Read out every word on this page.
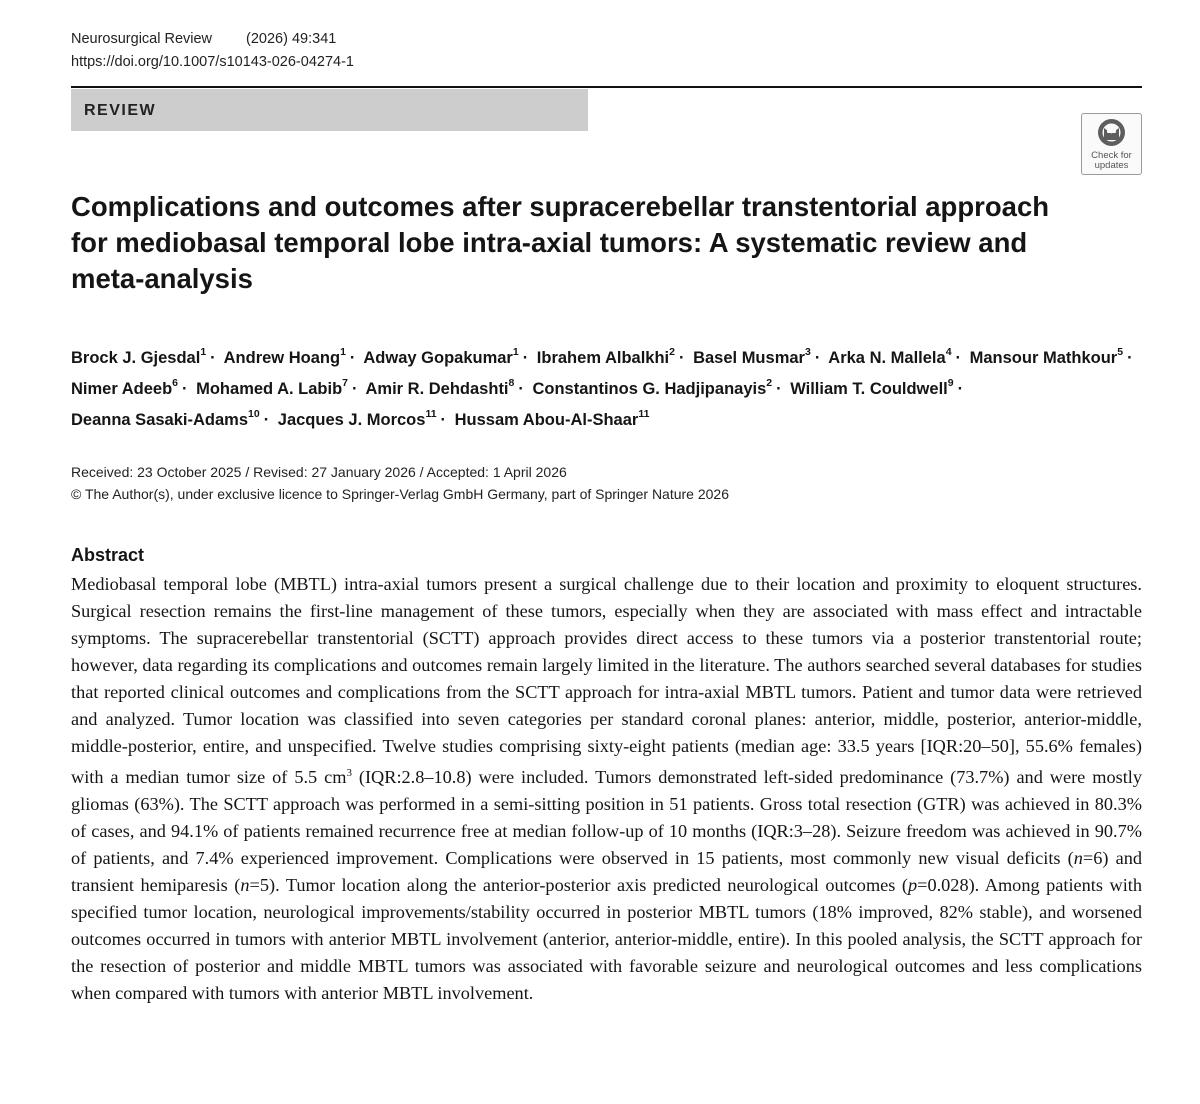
Neurosurgical Review (2026) 49:341
https://doi.org/10.1007/s10143-026-04274-1
REVIEW
Check for
updates
Complications and outcomes after supracerebellar transtentorial approach for mediobasal temporal lobe intra-axial tumors: A systematic review and meta-analysis
Brock J. Gjesdal$^1$ · Andrew Hoang$^1$ · Adway Gopakumar$^1$ · Ibrahem Albalkhi$^2$ · Basel Musmar$^3$ · Arka N. Mallela$^4$ · Mansour Mathkour$^5$ · Nimer Adeeb$^6$ · Mohamed A. Labib$^7$ · Amir R. Dehdashti$^8$ · Constantinos G. Hadjipanayis$^2$ · William T. Couldwell$^9$ · Deanna Sasaki-Adams$^{10}$ · Jacques J. Morcos$^{11}$ · Hussam Abou-Al-Shaar$^{11}$
Received: 23 October 2025 / Revised: 27 January 2026 / Accepted: 1 April 2026
© The Author(s), under exclusive licence to Springer-Verlag GmbH Germany, part of Springer Nature 2026
Abstract

Mediobasal temporal lobe (MBTL) intra-axial tumors present a surgical challenge due to their location and proximity to eloquent structures. Surgical resection remains the first-line management of these tumors, especially when they are associated with mass effect and intractable symptoms. The supracerebellar transtentorial (SCTT) approach provides direct access to these tumors via a posterior transtentorial route; however, data regarding its complications and outcomes remain largely limited in the literature. The authors searched several databases for studies that reported clinical outcomes and complications from the SCTT approach for intra-axial MBTL tumors. Patient and tumor data were retrieved and analyzed. Tumor location was classified into seven categories per standard coronal planes: anterior, middle, posterior, anterior-middle, middle-posterior, entire, and unspecified. Twelve studies comprising sixty-eight patients (median age: 33.5 years [IQR:20–50], 55.6% females) with a median tumor size of 5.5 $cm^3$ (IQR:2.8–10.8) were included. Tumors demonstrated left-sided predominance (73.7%) and were mostly gliomas (63%). The SCTT approach was performed in a semi-sitting position in 51 patients. Gross total resection (GTR) was achieved in 80.3% of cases, and 94.1% of patients remained recurrence free at median follow-up of 10 months (IQR:3–28). Seizure freedom was achieved in 90.7% of patients, and 7.4% experienced improvement. Complications were observed in 15 patients, most commonly new visual deficits (n=6) and transient hemiparesis (n=5). Tumor location along the anterior-posterior axis predicted neurological outcomes (p=0.028). Among patients with specified tumor location, neurological improvements/stability occurred in posterior MBTL tumors (18% improved, 82% stable), and worsened outcomes occurred in tumors with anterior MBTL involvement (anterior, anterior-middle, entire). In this pooled analysis, the SCTT approach for the resection of posterior and middle MBTL tumors was associated with favorable seizure and neurological outcomes and less complications when compared with tumors with anterior MBTL involvement.
